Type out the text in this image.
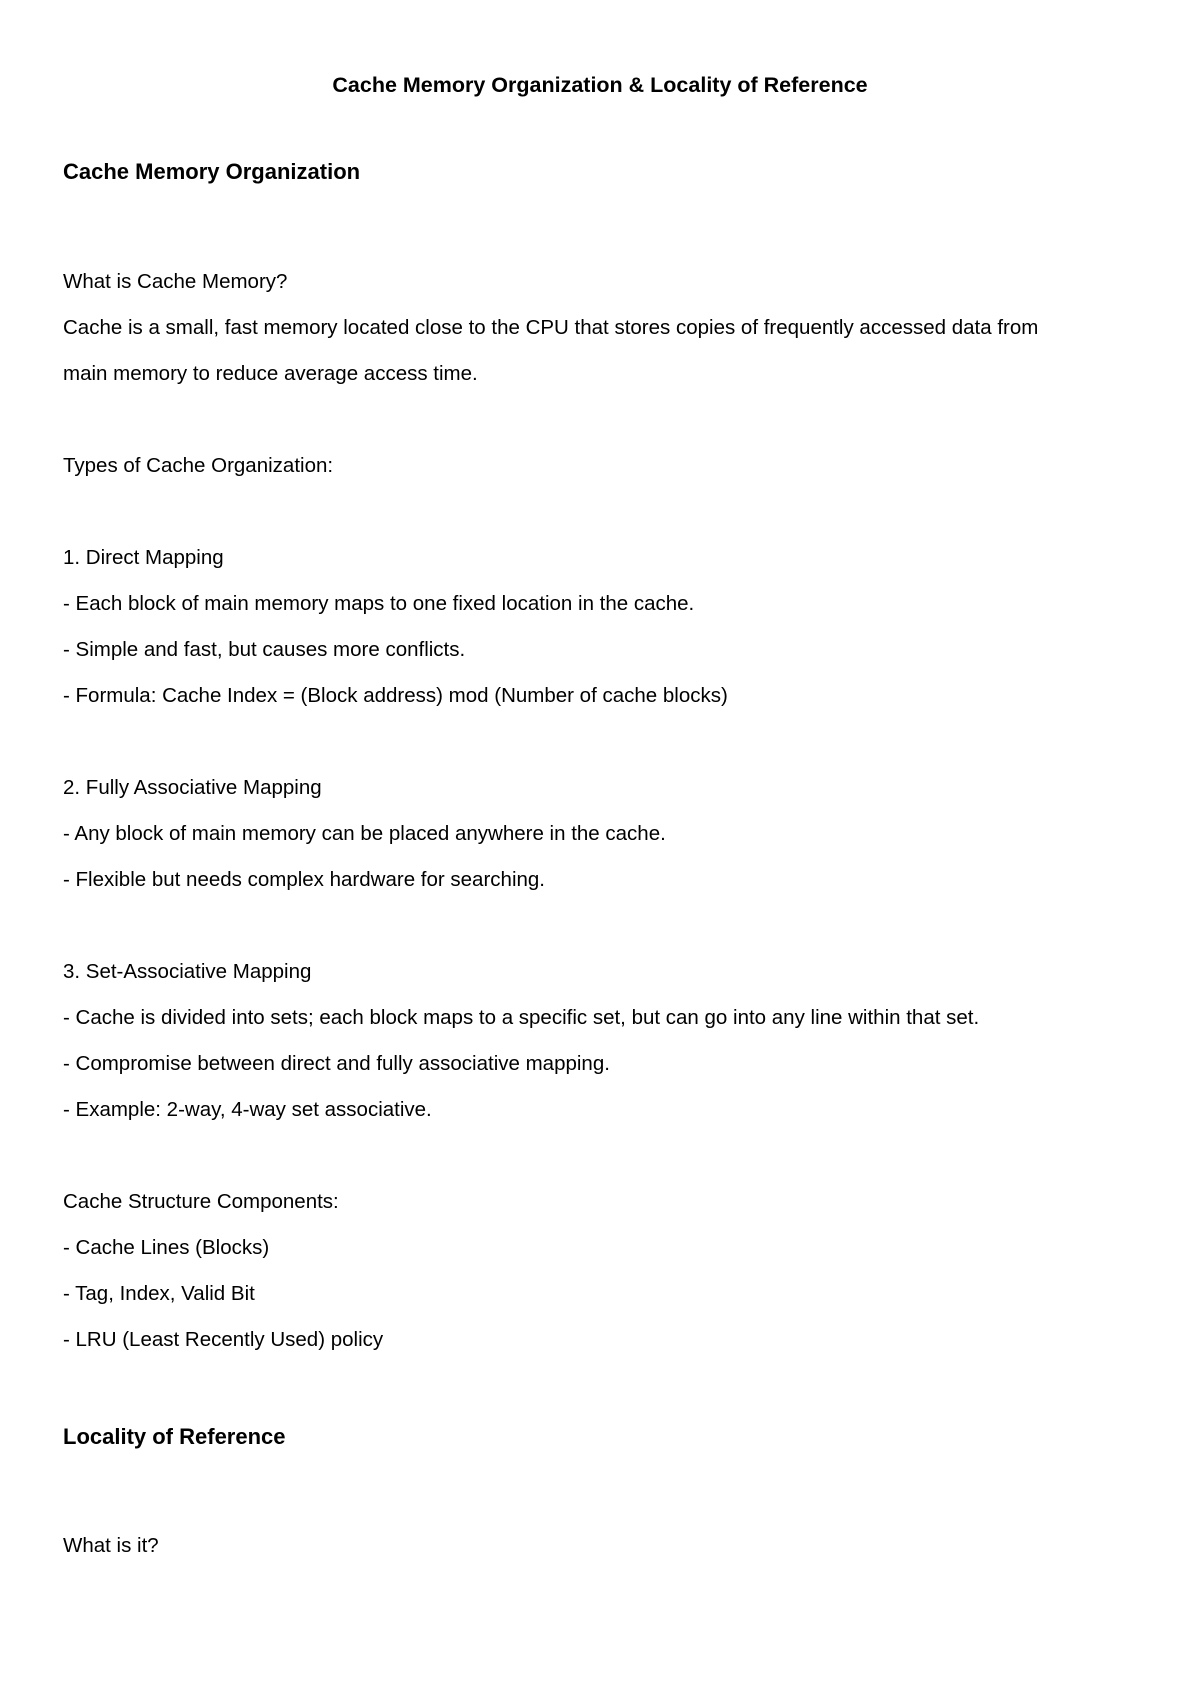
Cache Memory Organization & Locality of Reference
Cache Memory Organization
What is Cache Memory?
Cache is a small, fast memory located close to the CPU that stores copies of frequently accessed data from
main memory to reduce average access time.
Types of Cache Organization:
1. Direct Mapping
- Each block of main memory maps to one fixed location in the cache.
- Simple and fast, but causes more conflicts.
- Formula: Cache Index = (Block address) mod (Number of cache blocks)
2. Fully Associative Mapping
- Any block of main memory can be placed anywhere in the cache.
- Flexible but needs complex hardware for searching.
3. Set-Associative Mapping
- Cache is divided into sets; each block maps to a specific set, but can go into any line within that set.
- Compromise between direct and fully associative mapping.
- Example: 2-way, 4-way set associative.
Cache Structure Components:
- Cache Lines (Blocks)
- Tag, Index, Valid Bit
- LRU (Least Recently Used) policy
Locality of Reference
What is it?
